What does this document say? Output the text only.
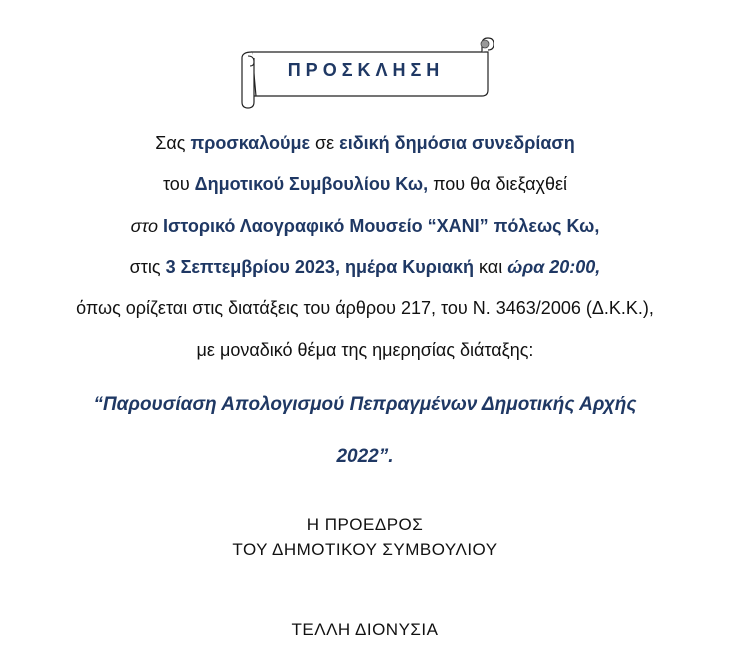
ΠΡΟΣΚΛΗΣΗ
Σας προσκαλούμε σε ειδική δημόσια συνεδρίαση
του Δημοτικού Συμβουλίου Κω, που θα διεξαχθεί
στο Ιστορικό Λαογραφικό Μουσείο “ΧΑΝΙ” πόλεως Κω,
στις 3 Σεπτεμβρίου 2023, ημέρα Κυριακή και ώρα 20:00,
όπως ορίζεται στις διατάξεις του άρθρου 217, του Ν. 3463/2006 (Δ.Κ.Κ.),
με μοναδικό θέμα της ημερησίας διάταξης:
“Παρουσίαση Απολογισμού Πεπραγμένων Δημοτικής Αρχής
2022”.
Η ΠΡΟΕΔΡΟΣ
ΤΟΥ ΔΗΜΟΤΙΚΟΥ ΣΥΜΒΟΥΛΙΟΥ
ΤΕΛΛΗ ΔΙΟΝΥΣΙΑ
